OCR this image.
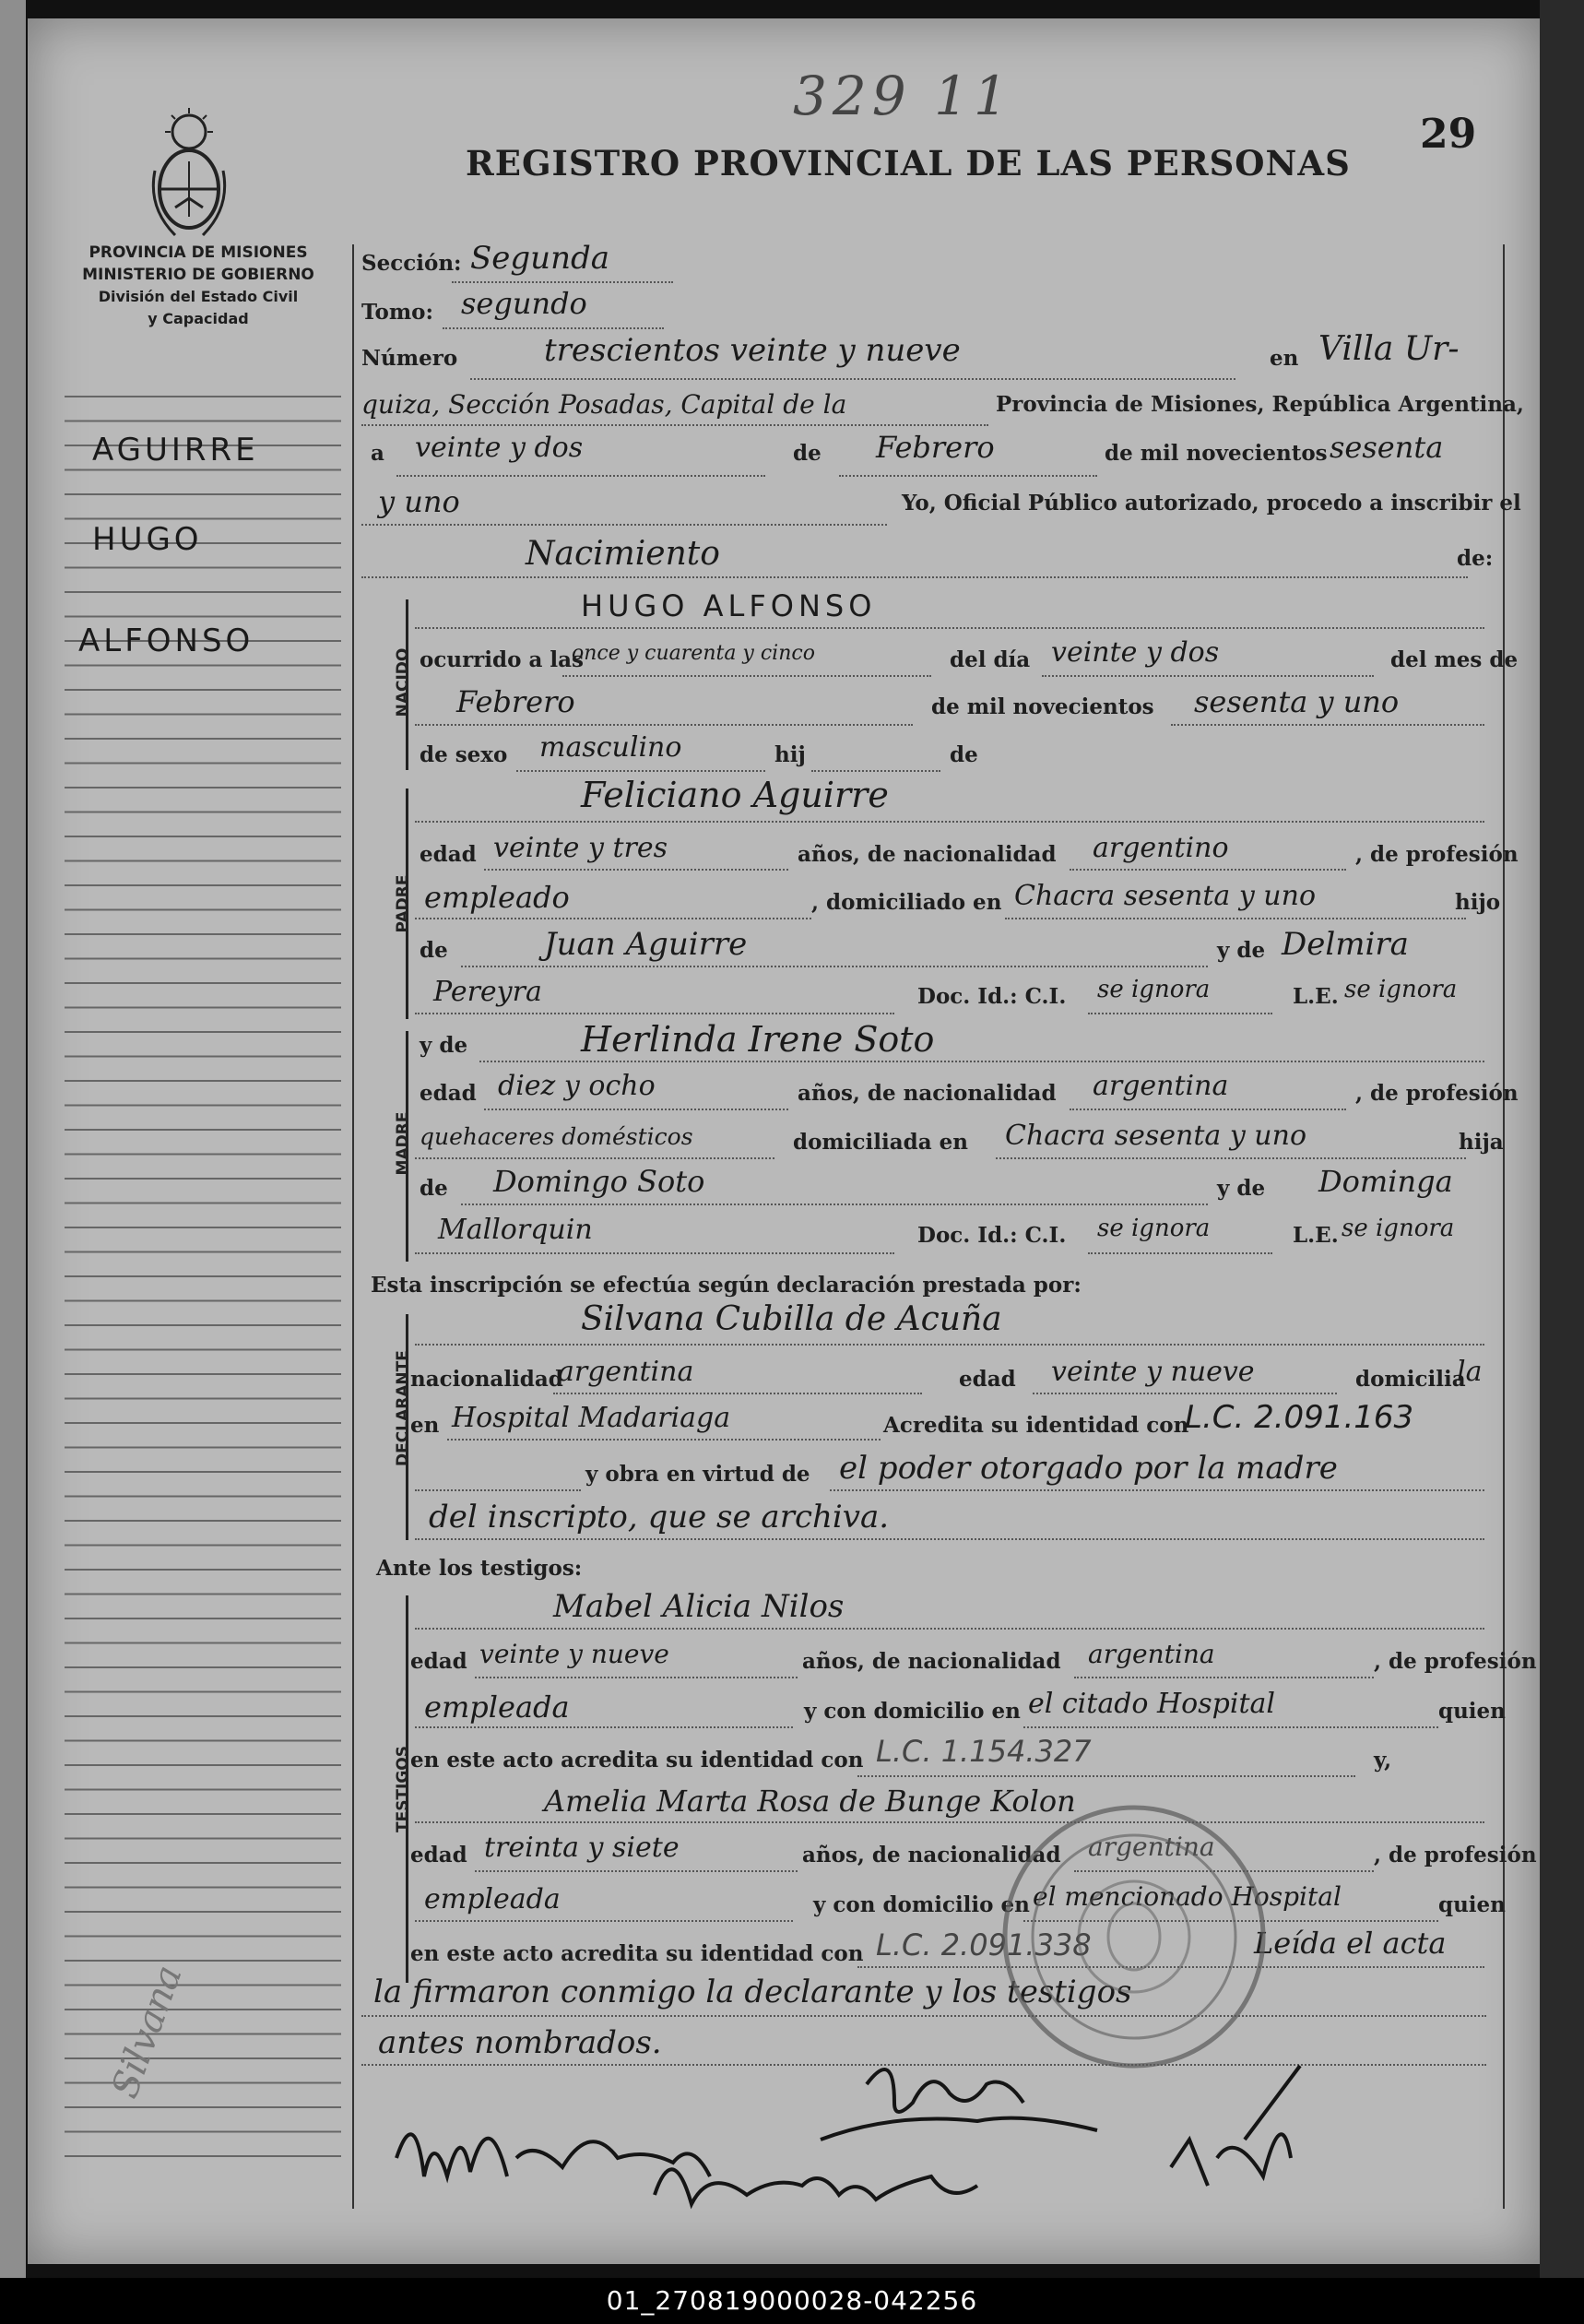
329 11
29
REGISTRO PROVINCIAL DE LAS PERSONAS
PROVINCIA DE MISIONES
MINISTERIO DE GOBIERNO
División del Estado Civil
y Capacidad
AGUIRRE
HUGO
ALFONSO
Silvana
Sección: Segunda
Tomo: segundo
Número	trescientos veinte y nueve	en Villa Ur-
quiza, Sección Posadas, Capital de la	Provincia de Misiones, República Argentina,
a veinte y dos	de Febrero	de mil novecientos sesenta
y uno	Yo, Oficial Público autorizado, procedo a inscribir el
Nacimiento	de:
NACIDO
HUGO ALFONSO
ocurrido a las
once y cuarenta y cinco	del día veinte y dos	del mes de
Febrero	de mil novecientos sesenta y uno
de sexo masculino	hij	de
PADRE
Feliciano Aguirre
edad veinte y tres	años, de nacionalidad argentino	, de profesión
empleado	, domiciliado en Chacra sesenta y uno	hijo
de	Juan Aguirre	y de Delmira
Pereyra	Doc. Id.: C.I. se ignora	L.E. se ignora
MADRE
y de	Herlinda Irene Soto
edad diez y ocho	años, de nacionalidad argentina	, de profesión
quehaceres domésticos	domiciliada en Chacra sesenta y uno	hija
de Domingo Soto	y de Dominga
Mallorquin	Doc. Id.: C.I. se ignora	L.E. se ignora
Esta inscripción se efectúa según declaración prestada por:
DECLARANTE
Silvana Cubilla de Acuña
nacionalidad
argentina	edad veinte y nueve	domicilia
la
en Hospital Madariaga	Acredita su identidad con
L.C. 2.091.163
y obra en virtud de el poder otorgado por la madre
del inscripto, que se archiva.
Ante los testigos:
TESTIGOS
Mabel Alicia Nilos
edad veinte y nueve	años, de nacionalidad argentina	, de profesión
empleada	y con domicilio en el citado Hospital	quien
en este acto acredita su identidad con L.C. 1.154.327	y,
Amelia Marta Rosa de Bunge Kolon
edad treinta y siete	años, de nacionalidad argentina	, de profesión
empleada	y con domicilio en el mencionado Hospital	quien
en este acto acredita su identidad con L.C. 2.091.338	Leída el acta
la firmaron conmigo la declarante y los testigos
antes nombrados.
01_270819000028-042256
